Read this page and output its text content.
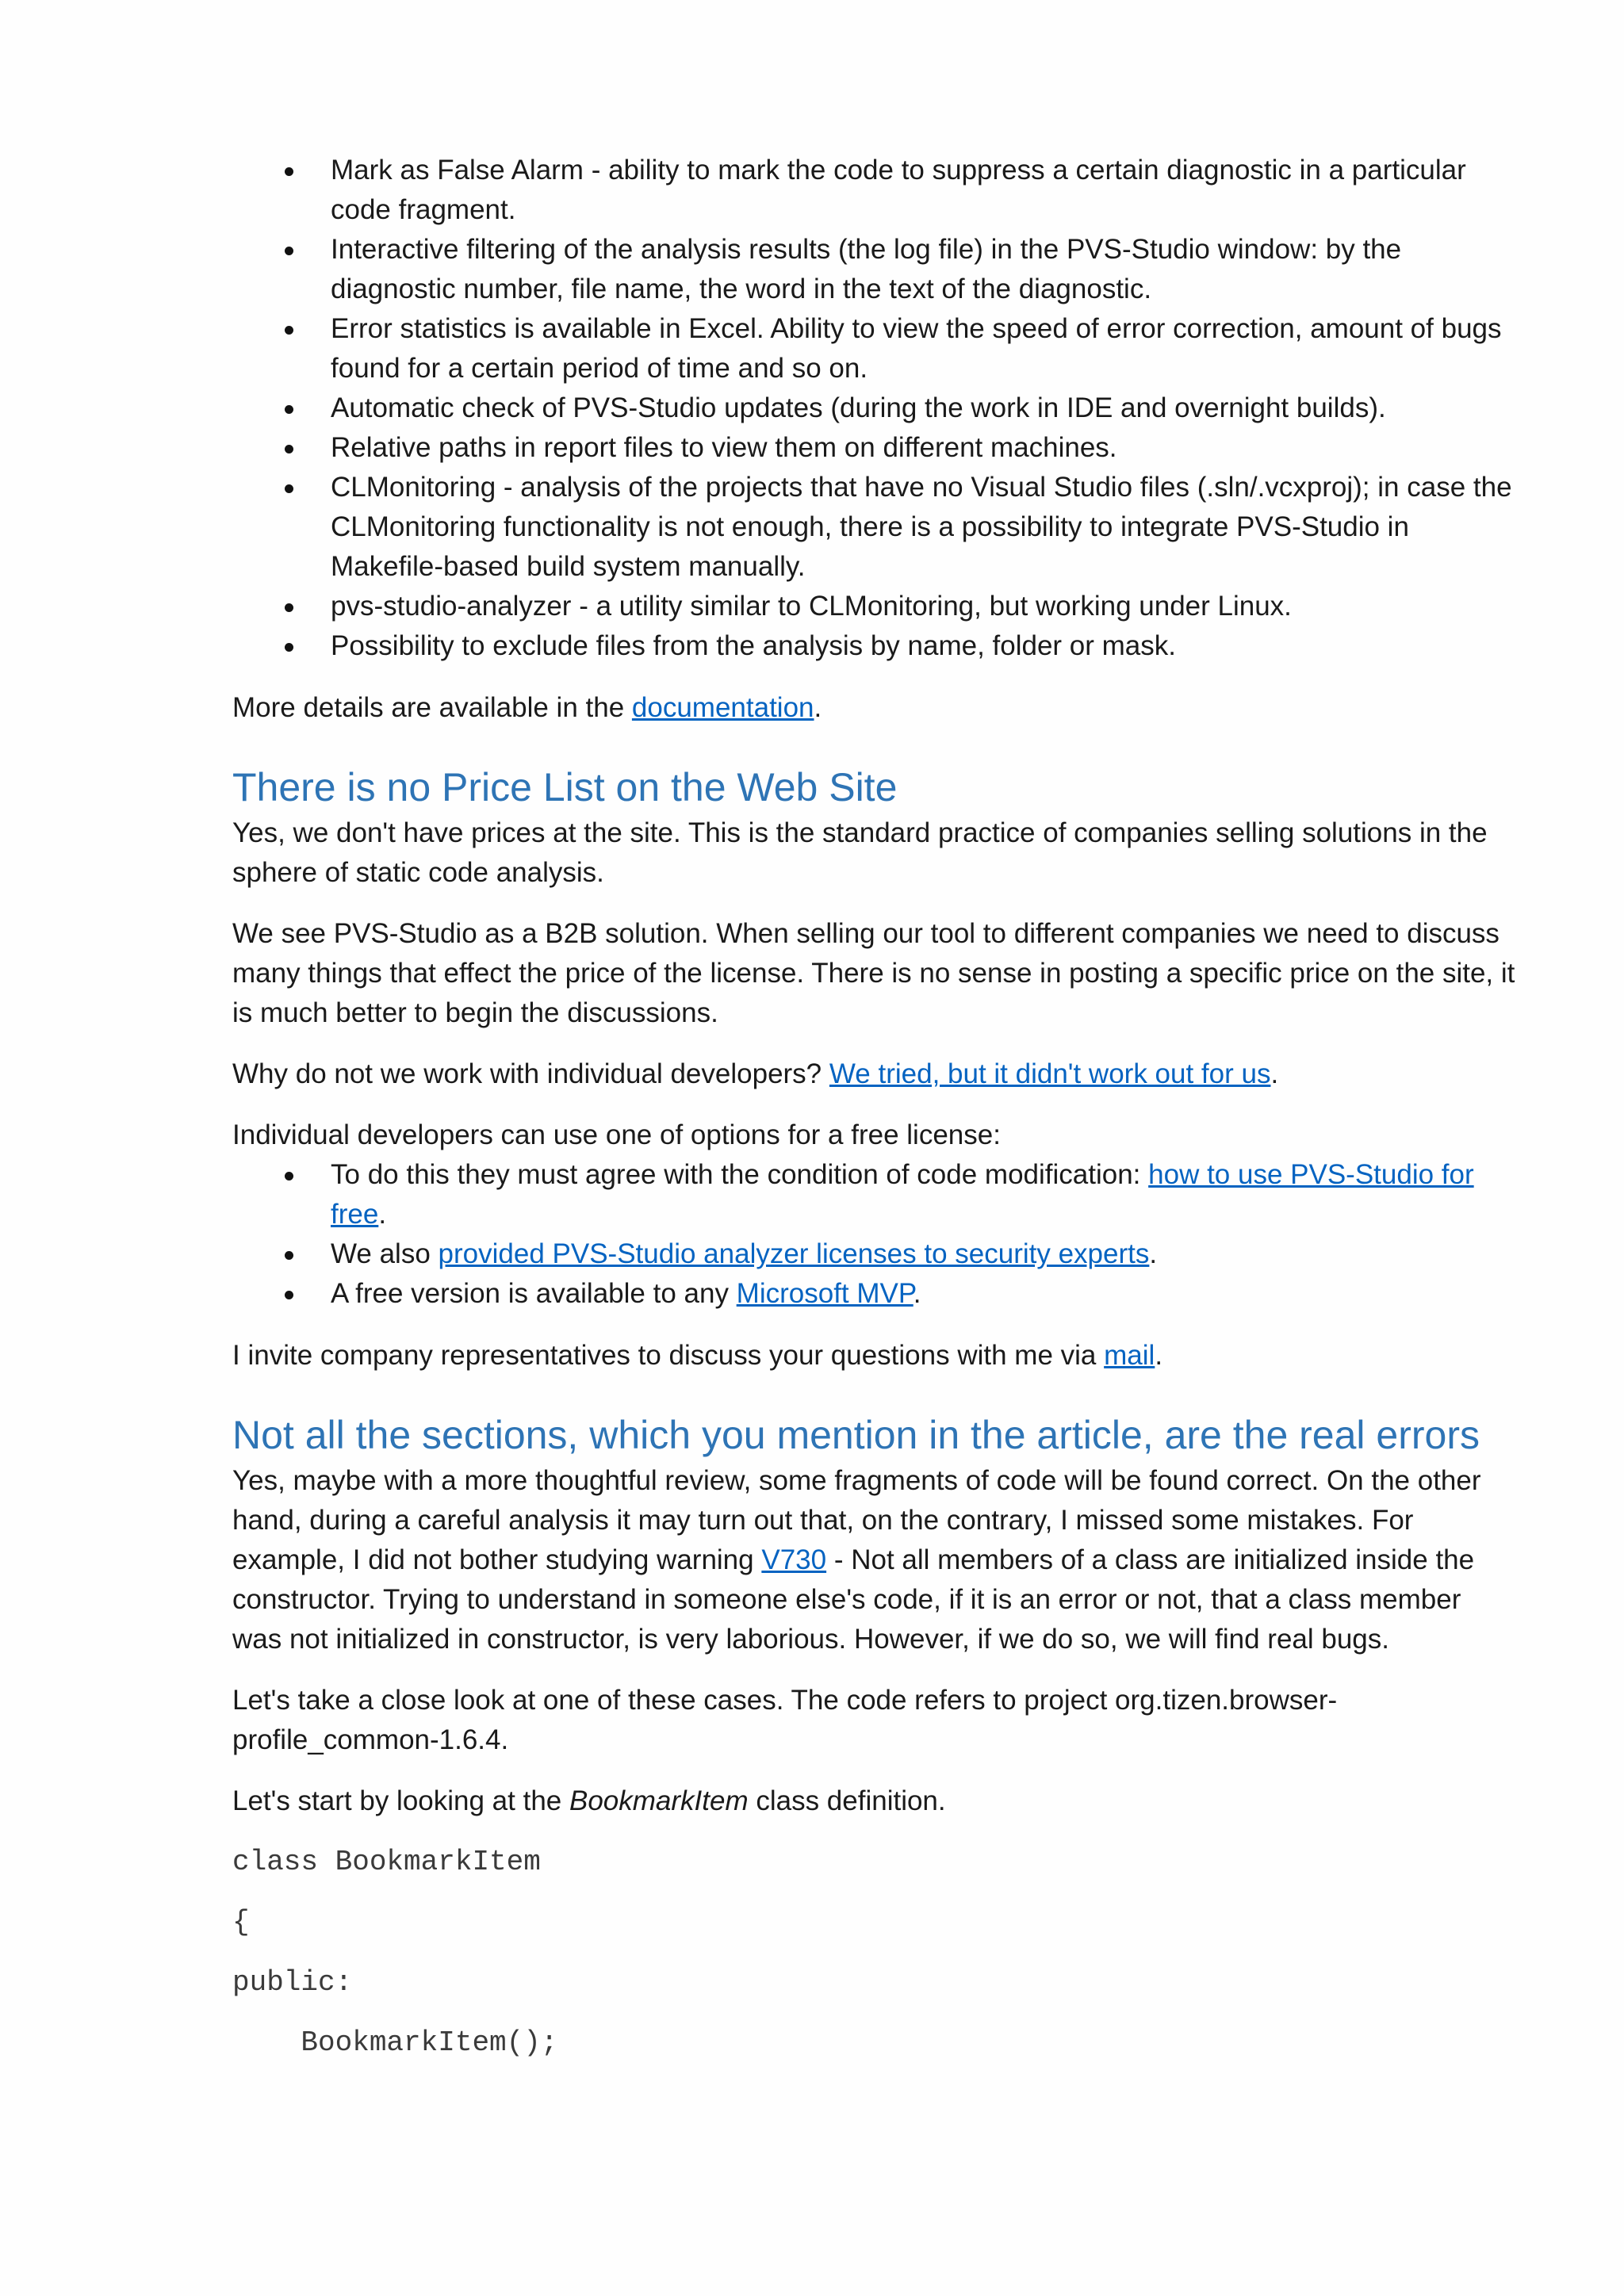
Mark as False Alarm - ability to mark the code to suppress a certain diagnostic in a particular code fragment.
Interactive filtering of the analysis results (the log file) in the PVS-Studio window: by the diagnostic number, file name, the word in the text of the diagnostic.
Error statistics is available in Excel. Ability to view the speed of error correction, amount of bugs found for a certain period of time and so on.
Automatic check of PVS-Studio updates (during the work in IDE and overnight builds).
Relative paths in report files to view them on different machines.
CLMonitoring - analysis of the projects that have no Visual Studio files (.sln/.vcxproj); in case the CLMonitoring functionality is not enough, there is a possibility to integrate PVS-Studio in Makefile-based build system manually.
pvs-studio-analyzer - a utility similar to CLMonitoring, but working under Linux.
Possibility to exclude files from the analysis by name, folder or mask.

More details are available in the documentation.

There is no Price List on the Web Site

Yes, we don't have prices at the site. This is the standard practice of companies selling solutions in the sphere of static code analysis.

We see PVS-Studio as a B2B solution. When selling our tool to different companies we need to discuss many things that effect the price of the license. There is no sense in posting a specific price on the site, it is much better to begin the discussions.

Why do not we work with individual developers? We tried, but it didn't work out for us.

Individual developers can use one of options for a free license:

To do this they must agree with the condition of code modification: how to use PVS-Studio for free.
We also provided PVS-Studio analyzer licenses to security experts.
A free version is available to any Microsoft MVP.

I invite company representatives to discuss your questions with me via mail.

Not all the sections, which you mention in the article, are the real errors

Yes, maybe with a more thoughtful review, some fragments of code will be found correct. On the other hand, during a careful analysis it may turn out that, on the contrary, I missed some mistakes. For example, I did not bother studying warning V730 - Not all members of a class are initialized inside the constructor. Trying to understand in someone else's code, if it is an error or not, that a class member was not initialized in constructor, is very laborious. However, if we do so, we will find real bugs.

Let's take a close look at one of these cases. The code refers to project org.tizen.browser-profile_common-1.6.4.

Let's start by looking at the BookmarkItem class definition.

class BookmarkItem
{
public:
BookmarkItem();
